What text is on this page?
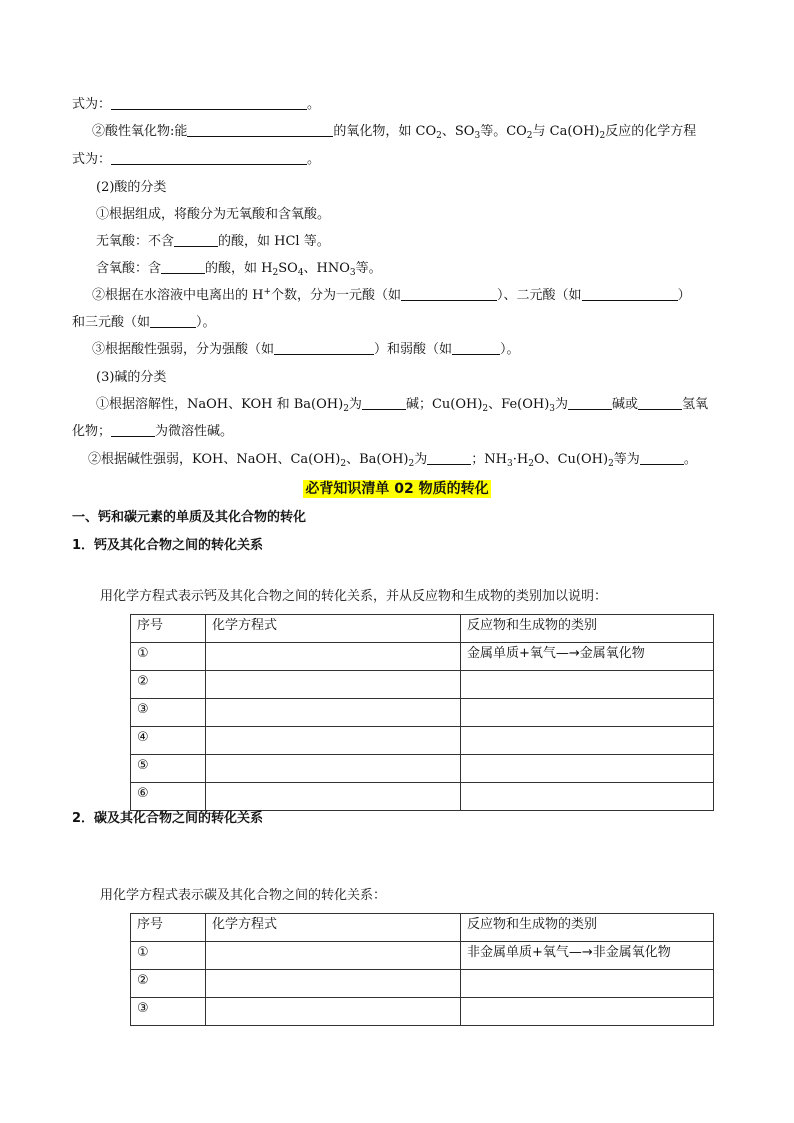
式为：	。
②酸性氧化物:能	的氧化物，如 $CO_2$、$SO_3$等。$CO_2$与 $Ca(OH)_2$反应的化学方程
式为：	。
(2)酸的分类
①根据组成，将酸分为无氧酸和含氧酸。
无氧酸：不含	的酸，如 HCl 等。
含氧酸：含	的酸，如 $H_2SO_4$、$HNO_3$等。
②根据在水溶液中电离出的 H+个数，分为一元酸（如	）、二元酸（如	）
和三元酸（如	）。
③根据酸性强弱，分为强酸（如	）和弱酸（如	）。
(3)碱的分类
①根据溶解性，NaOH、KOH 和 $Ba(OH)_2$为	碱；$Cu(OH)_2$、$Fe(OH)_3$为	碱或	氢氧
化物；	为微溶性碱。
②根据碱性强弱，KOH、NaOH、$Ca(OH)_2$、$Ba(OH)_2$为	；$NH_3\cdot H_2O$、$Cu(OH)_2$等为	。
必背知识清单 02 物质的转化
一、钙和碳元素的单质及其化合物的转化
1．钙及其化合物之间的转化关系
用化学方程式表示钙及其化合物之间的转化关系，并从反应物和生成物的类别加以说明：
序号	化学方程式	反应物和生成物的类别
①		金属单质+氧气—→金属氧化物
②		
③		
④		
⑤		
⑥		
2．碳及其化合物之间的转化关系
用化学方程式表示碳及其化合物之间的转化关系：
序号	化学方程式	反应物和生成物的类别
①		非金属单质+氧气—→非金属氧化物
②		
③		
